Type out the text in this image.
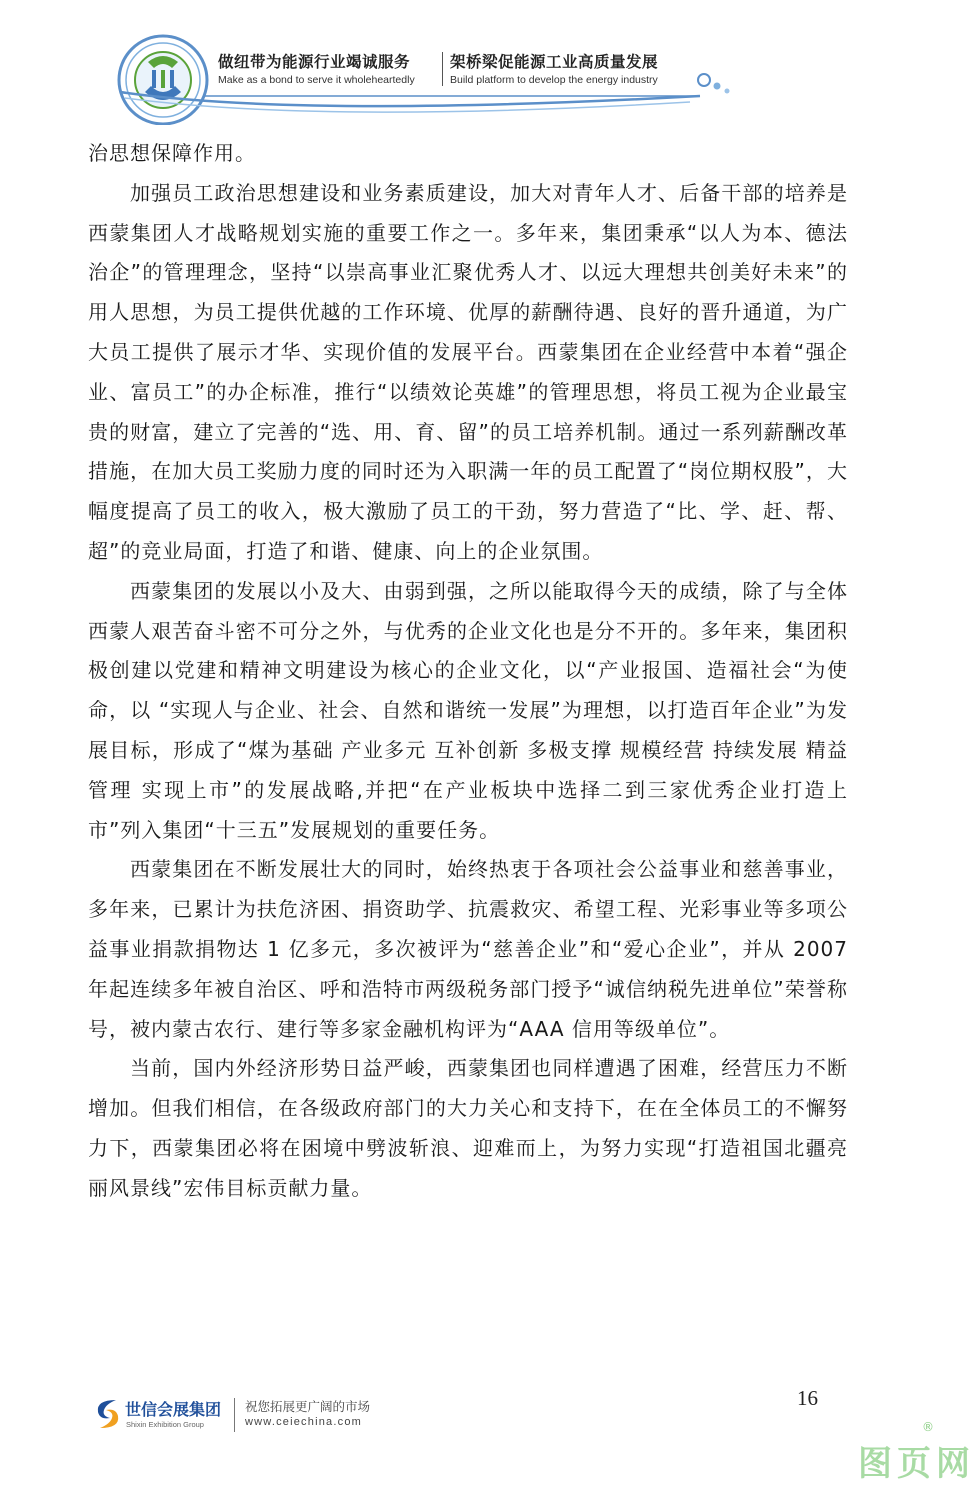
做纽带为能源行业竭诚服务
Make as a bond to serve it wholeheartedly
架桥梁促能源工业高质量发展
Build platform to develop the energy industry

治思想保障作用。

加强员工政治思想建设和业务素质建设，加大对青年人才、后备干部的培养是西蒙集团人才战略规划实施的重要工作之一。多年来，集团秉承“以人为本、德法治企”的管理理念，坚持“以崇高事业汇聚优秀人才、以远大理想共创美好未来”的用人思想，为员工提供优越的工作环境、优厚的薪酬待遇、良好的晋升通道，为广大员工提供了展示才华、实现价值的发展平台。西蒙集团在企业经营中本着“强企业、富员工”的办企标准，推行“以绩效论英雄”的管理思想，将员工视为企业最宝贵的财富，建立了完善的“选、用、育、留”的员工培养机制。通过一系列薪酬改革措施，在加大员工奖励力度的同时还为入职满一年的员工配置了“岗位期权股”，大幅度提高了员工的收入，极大激励了员工的干劲，努力营造了“比、学、赶、帮、超”的竞业局面，打造了和谐、健康、向上的企业氛围。

西蒙集团的发展以小及大、由弱到强，之所以能取得今天的成绩，除了与全体西蒙人艰苦奋斗密不可分之外，与优秀的企业文化也是分不开的。多年来，集团积极创建以党建和精神文明建设为核心的企业文化，以“产业报国、造福社会“为使命，以 “实现人与企业、社会、自然和谐统一发展”为理想，以打造百年企业”为发展目标，形成了“煤为基础 产业多元 互补创新 多极支撑 规模经营 持续发展 精益管理 实现上市”的发展战略,并把“在产业板块中选择二到三家优秀企业打造上市”列入集团“十三五”发展规划的重要任务。

西蒙集团在不断发展壮大的同时，始终热衷于各项社会公益事业和慈善事业，多年来，已累计为扶危济困、捐资助学、抗震救灾、希望工程、光彩事业等多项公益事业捐款捐物达 1 亿多元，多次被评为“慈善企业”和“爱心企业”，并从 2007 年起连续多年被自治区、呼和浩特市两级税务部门授予“诚信纳税先进单位”荣誉称号，被内蒙古农行、建行等多家金融机构评为“AAA 信用等级单位”。

当前，国内外经济形势日益严峻，西蒙集团也同样遭遇了困难，经营压力不断增加。但我们相信，在各级政府部门的大力关心和支持下，在在全体员工的不懈努力下，西蒙集团必将在困境中劈波斩浪、迎难而上，为努力实现“打造祖国北疆亮丽风景线”宏伟目标贡献力量。

世信会展集团
Shixin Exhibition Group
祝您拓展更广阔的市场
www.ceiechina.com
16
®
图页网
